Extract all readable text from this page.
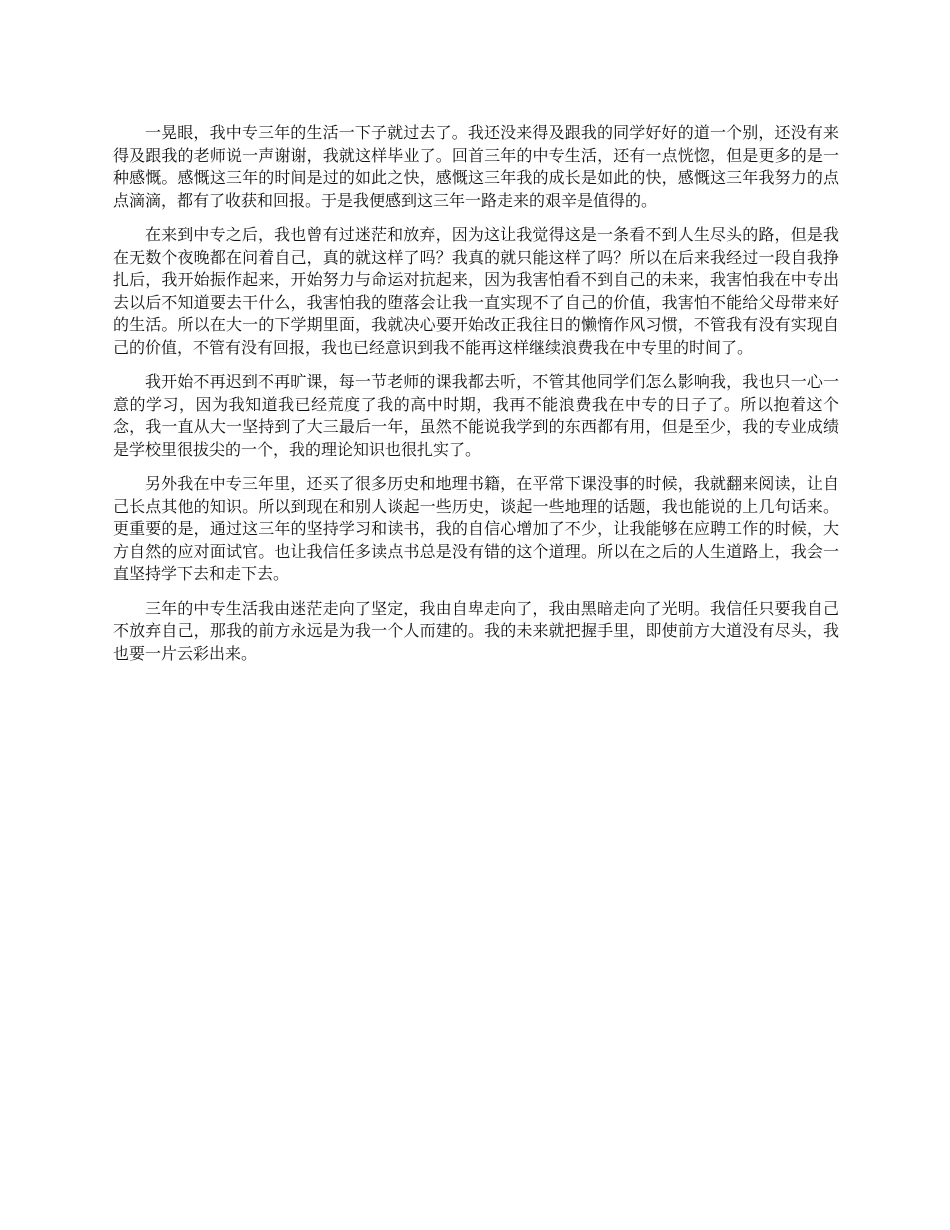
一晃眼，我中专三年的生活一下子就过去了。我还没来得及跟我的同学好好的道一个别，还没有来得及跟我的老师说一声谢谢，我就这样毕业了。回首三年的中专生活，还有一点恍惚，但是更多的是一种感慨。感慨这三年的时间是过的如此之快，感慨这三年我的成长是如此的快，感慨这三年我努力的点点滴滴，都有了收获和回报。于是我便感到这三年一路走来的艰辛是值得的。

在来到中专之后，我也曾有过迷茫和放弃，因为这让我觉得这是一条看不到人生尽头的路，但是我在无数个夜晚都在问着自己，真的就这样了吗？我真的就只能这样了吗？所以在后来我经过一段自我挣扎后，我开始振作起来，开始努力与命运对抗起来，因为我害怕看不到自己的未来，我害怕我在中专出去以后不知道要去干什么，我害怕我的堕落会让我一直实现不了自己的价值，我害怕不能给父母带来好的生活。所以在大一的下学期里面，我就决心要开始改正我往日的懒惰作风习惯，不管我有没有实现自己的价值，不管有没有回报，我也已经意识到我不能再这样继续浪费我在中专里的时间了。

我开始不再迟到不再旷课，每一节老师的课我都去听，不管其他同学们怎么影响我，我也只一心一意的学习，因为我知道我已经荒度了我的高中时期，我再不能浪费我在中专的日子了。所以抱着这个念，我一直从大一坚持到了大三最后一年，虽然不能说我学到的东西都有用，但是至少，我的专业成绩是学校里很拔尖的一个，我的理论知识也很扎实了。

另外我在中专三年里，还买了很多历史和地理书籍，在平常下课没事的时候，我就翻来阅读，让自己长点其他的知识。所以到现在和别人谈起一些历史，谈起一些地理的话题，我也能说的上几句话来。更重要的是，通过这三年的坚持学习和读书，我的自信心增加了不少，让我能够在应聘工作的时候，大方自然的应对面试官。也让我信任多读点书总是没有错的这个道理。所以在之后的人生道路上，我会一直坚持学下去和走下去。

三年的中专生活我由迷茫走向了坚定，我由自卑走向了，我由黑暗走向了光明。我信任只要我自己不放弃自己，那我的前方永远是为我一个人而建的。我的未来就把握手里，即使前方大道没有尽头，我也要一片云彩出来。
